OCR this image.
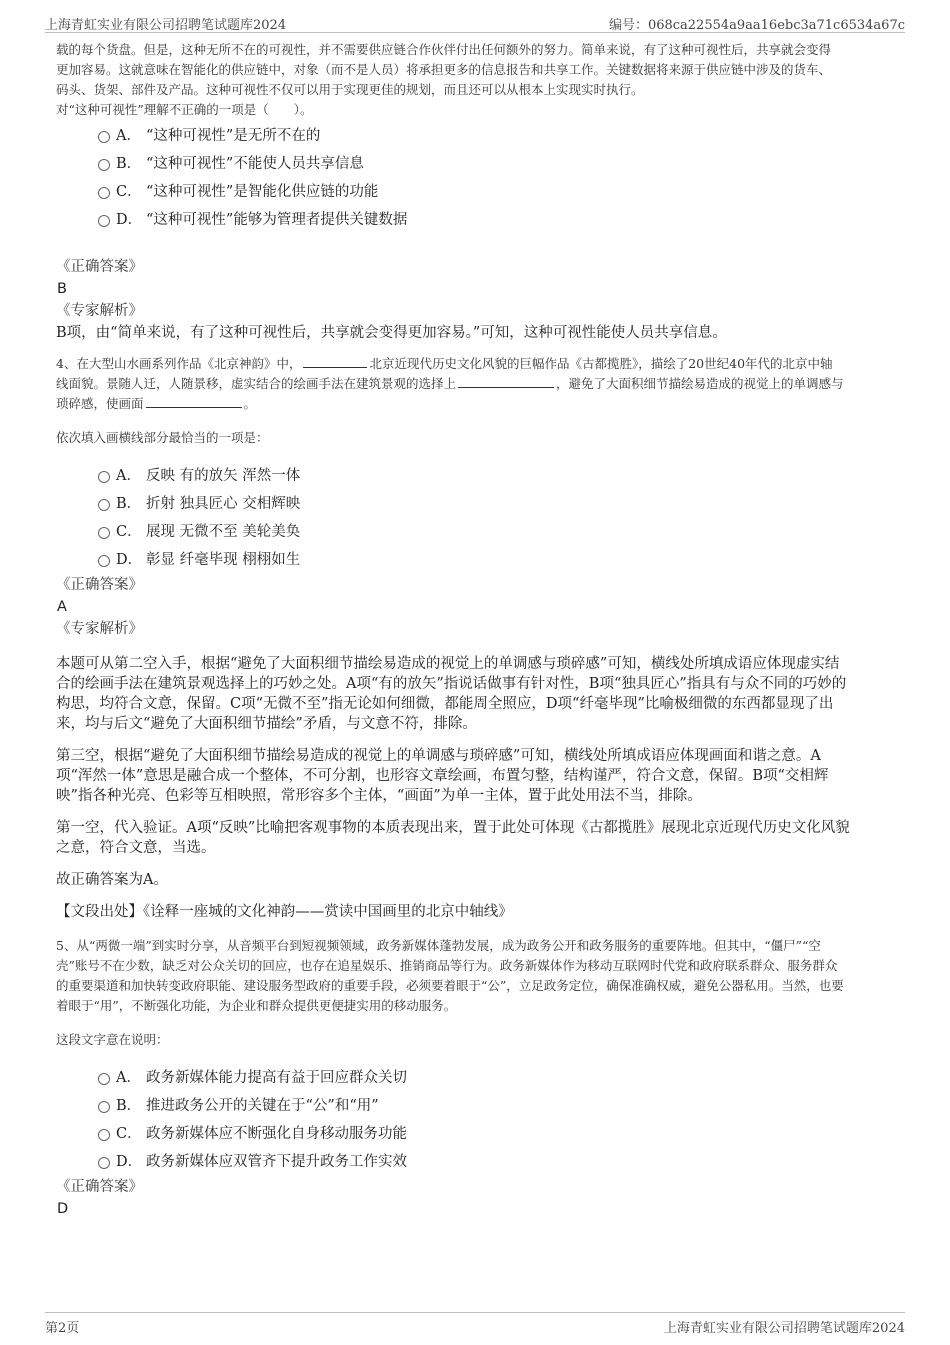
上海青虹实业有限公司招聘笔试题库2024	编号：068ca22554a9aa16ebc3a71c6534a67c

载的每个货盘。但是，这种无所不在的可视性，并不需要供应链合作伙伴付出任何额外的努力。简单来说，有了这种可视性后，共享就会变得

更加容易。这就意味在智能化的供应链中，对象（而不是人员）将承担更多的信息报告和共享工作。关键数据将来源于供应链中涉及的货车、

码头、货架、部件及产品。这种可视性不仅可以用于实现更佳的规划，而且还可以从根本上实现实时执行。

对“这种可视性”理解不正确的一项是（　　）。

A． “这种可视性”是无所不在的
B． “这种可视性”不能使人员共享信息
C． “这种可视性”是智能化供应链的功能
D． “这种可视性”能够为管理者提供关键数据

《正确答案》

B

《专家解析》

B项，由“简单来说，有了这种可视性后，共享就会变得更加容易。”可知，这种可视性能使人员共享信息。

4、在大型山水画系列作品《北京神韵》中，	北京近现代历史文化风貌的巨幅作品《古都揽胜》，描绘了20世纪40年代的北京中轴

线面貌。景随人迁，人随景移，虚实结合的绘画手法在建筑景观的选择上	，避免了大面积细节描绘易造成的视觉上的单调感与

琐碎感，使画面	。

依次填入画横线部分最恰当的一项是：

A． 反映 有的放矢 浑然一体
B． 折射 独具匠心 交相辉映
C． 展现 无微不至 美轮美奂
D． 彰显 纤毫毕现 栩栩如生

《正确答案》

A

《专家解析》

本题可从第二空入手，根据“避免了大面积细节描绘易造成的视觉上的单调感与琐碎感”可知，横线处所填成语应体现虚实结

合的绘画手法在建筑景观选择上的巧妙之处。A项“有的放矢”指说话做事有针对性，B项“独具匠心”指具有与众不同的巧妙的

构思，均符合文意，保留。C项“无微不至”指无论如何细微，都能周全照应，D项“纤毫毕现”比喻极细微的东西都显现了出

来，均与后文“避免了大面积细节描绘”矛盾，与文意不符，排除。

第三空，根据“避免了大面积细节描绘易造成的视觉上的单调感与琐碎感”可知，横线处所填成语应体现画面和谐之意。A

项“浑然一体”意思是融合成一个整体，不可分割，也形容文章绘画，布置匀整，结构谨严，符合文意，保留。B项“交相辉

映”指各种光亮、色彩等互相映照，常形容多个主体，“画面”为单一主体，置于此处用法不当，排除。

第一空，代入验证。A项“反映”比喻把客观事物的本质表现出来，置于此处可体现《古都揽胜》展现北京近现代历史文化风貌

之意，符合文意，当选。

故正确答案为A。

【文段出处】《诠释一座城的文化神韵——赏读中国画里的北京中轴线》

5、从“两微一端”到实时分享，从音频平台到短视频领域，政务新媒体蓬勃发展，成为政务公开和政务服务的重要阵地。但其中，“僵尸”“空

壳”账号不在少数，缺乏对公众关切的回应，也存在追星娱乐、推销商品等行为。政务新媒体作为移动互联网时代党和政府联系群众、服务群众

的重要渠道和加快转变政府职能、建设服务型政府的重要手段，必须要着眼于“公”，立足政务定位，确保准确权威，避免公器私用。当然，也要

着眼于“用”，不断强化功能，为企业和群众提供更便捷实用的移动服务。

这段文字意在说明：

A． 政务新媒体能力提高有益于回应群众关切
B． 推进政务公开的关键在于“公”和“用”
C． 政务新媒体应不断强化自身移动服务功能
D． 政务新媒体应双管齐下提升政务工作实效

《正确答案》

D

第2页	上海青虹实业有限公司招聘笔试题库2024
